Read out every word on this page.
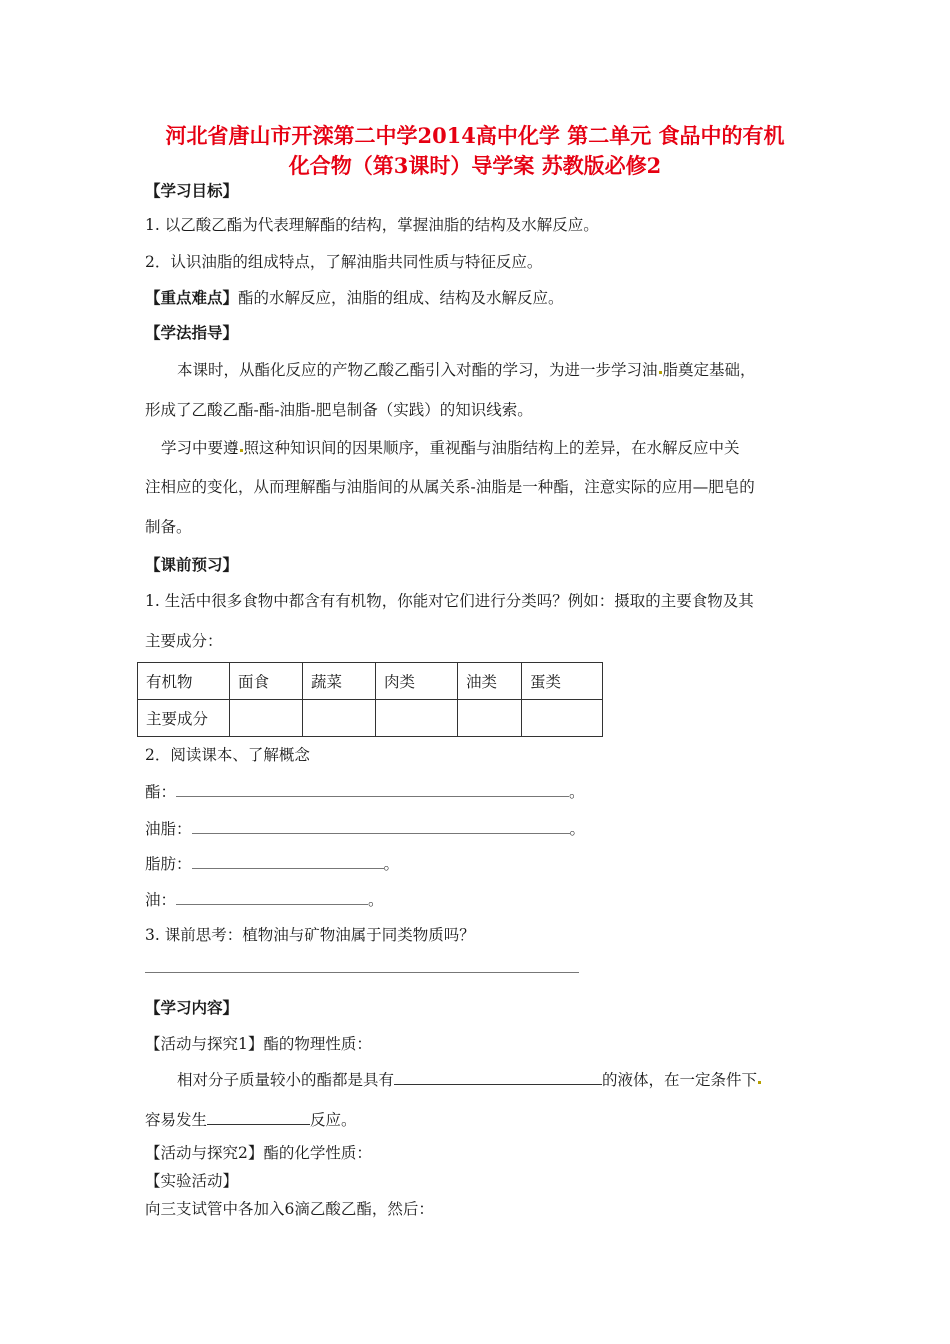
河北省唐山市开滦第二中学2014高中化学 第二单元 食品中的有机
化合物（第3课时）导学案 苏教版必修2
【学习目标】
1. 以乙酸乙酯为代表理解酯的结构，掌握油脂的结构及水解反应。
2．认识油脂的组成特点，了解油脂共同性质与特征反应。
【重点难点】酯的水解反应，油脂的组成、结构及水解反应。
【学法指导】
本课时，从酯化反应的产物乙酸乙酯引入对酯的学习，为进一步学习油 脂奠定基础，
形成了乙酸乙酯-酯-油脂-肥皂制备（实践）的知识线索。
学习中要遵 照这种知识间的因果顺序，重视酯与油脂结构上的差异，在水解反应中关
注相应的变化，从而理解酯与油脂间的从属关系-油脂是一种酯，注意实际的应用—肥皂的
制备。
【课前预习】
1. 生活中很多食物中都含有有机物，你能对它们进行分类吗？例如：摄取的主要食物及其
主要成分：
有机物	面食	蔬菜	肉类	油类	蛋类
主要成分					
2．阅读课本、了解概念
酯：	。
油脂：	。
脂肪：	。
油：	。
3. 课前思考：植物油与矿物油属于同类物质吗？
【学习内容】
【活动与探究1】酯的物理性质：
相对分子质量较小的酯都是具有	的液体，在一定条件下
容易发生	反应。
【活动与探究2】酯的化学性质：
【实验活动】
向三支试管中各加入6滴乙酸乙酯，然后：
